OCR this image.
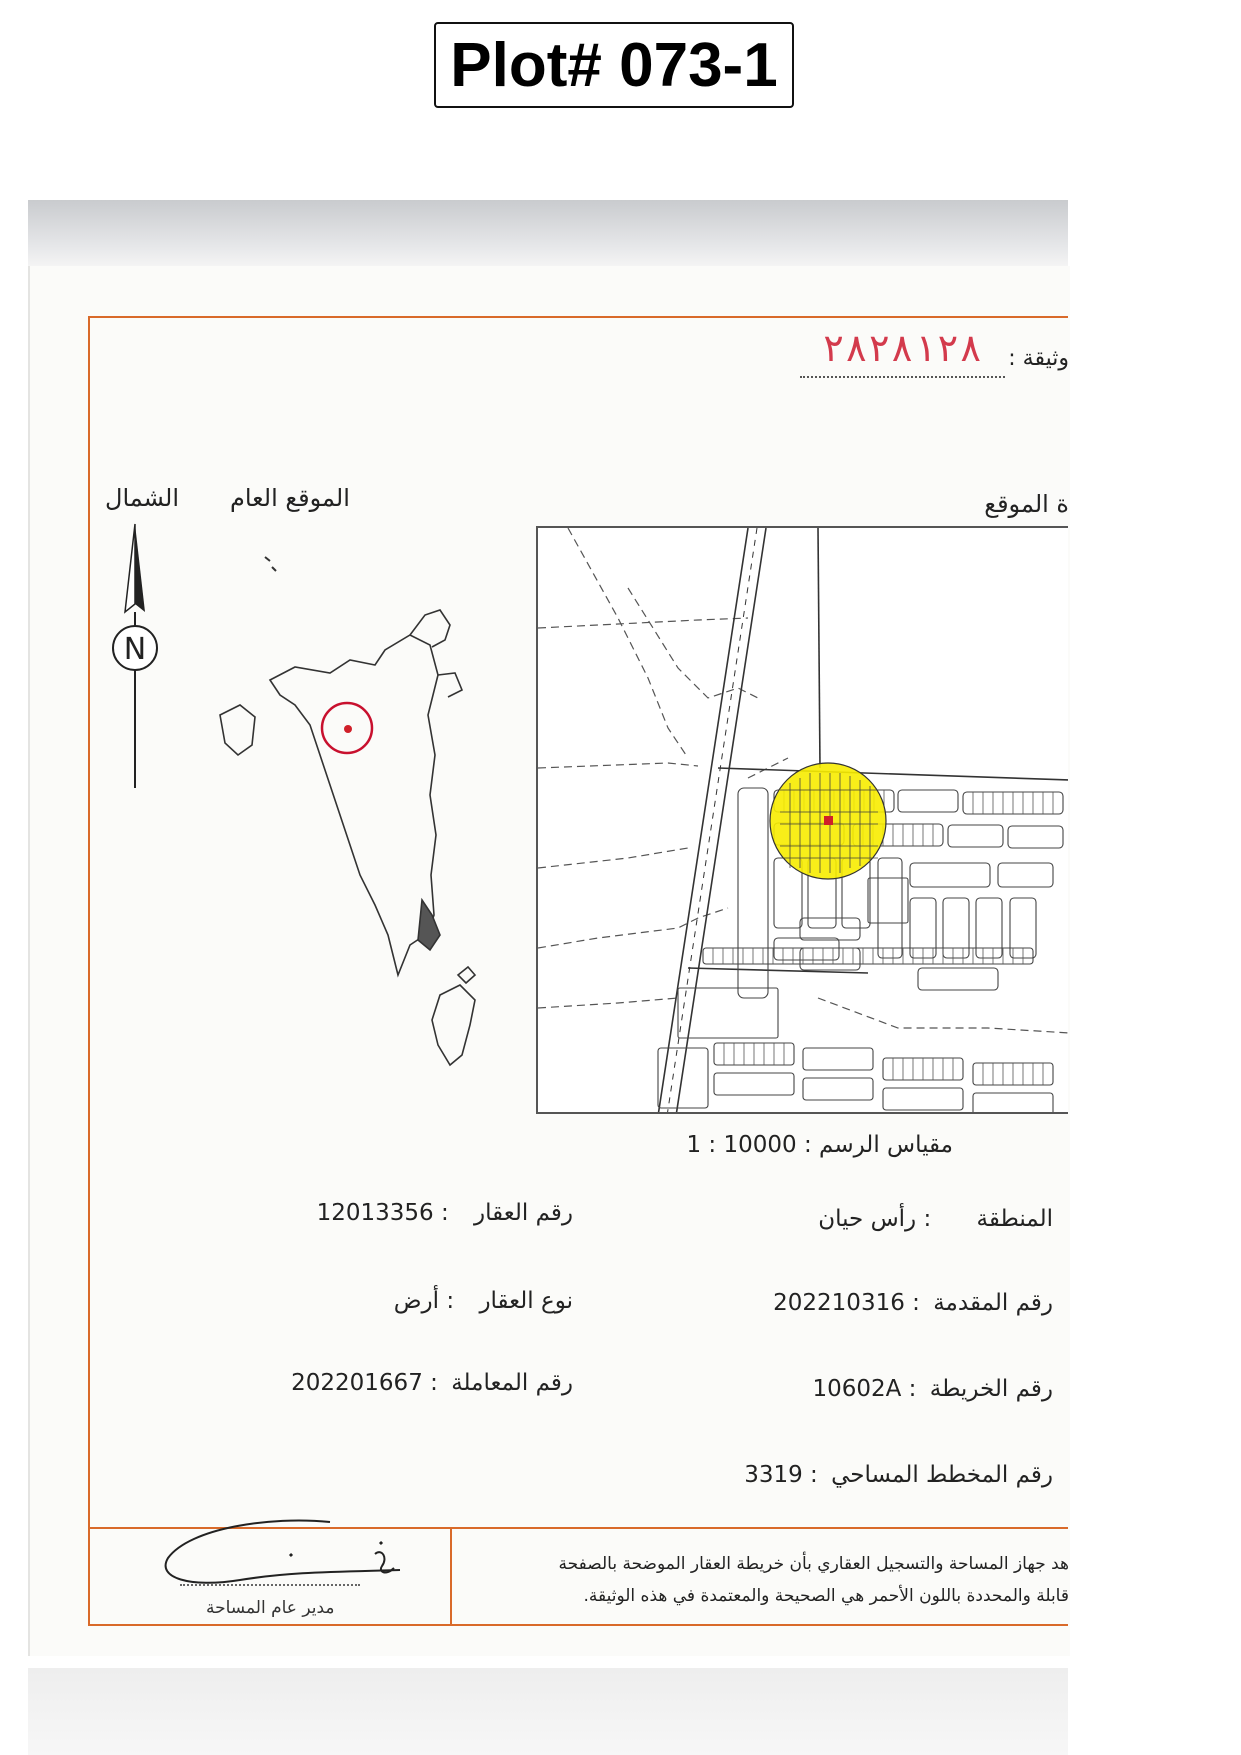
Plot# 073-1
وثيقة :
٢٨٢٨١٢٨
الشمال الموقع العام	ة الموقع
N
مقياس الرسم : 10000 : 1
المنطقة : رأس حيان
رقم المقدمة : 202210316
رقم الخريطة : 10602A
رقم المخطط المساحي : 3319
رقم العقار : 12013356
نوع العقار : أرض
رقم المعاملة : 202201667
هد جهاز المساحة والتسجيل العقاري بأن خريطة العقار الموضحة بالصفحة
قابلة والمحددة باللون الأحمر هي الصحيحة والمعتمدة في هذه الوثيقة.
مدير عام المساحة
